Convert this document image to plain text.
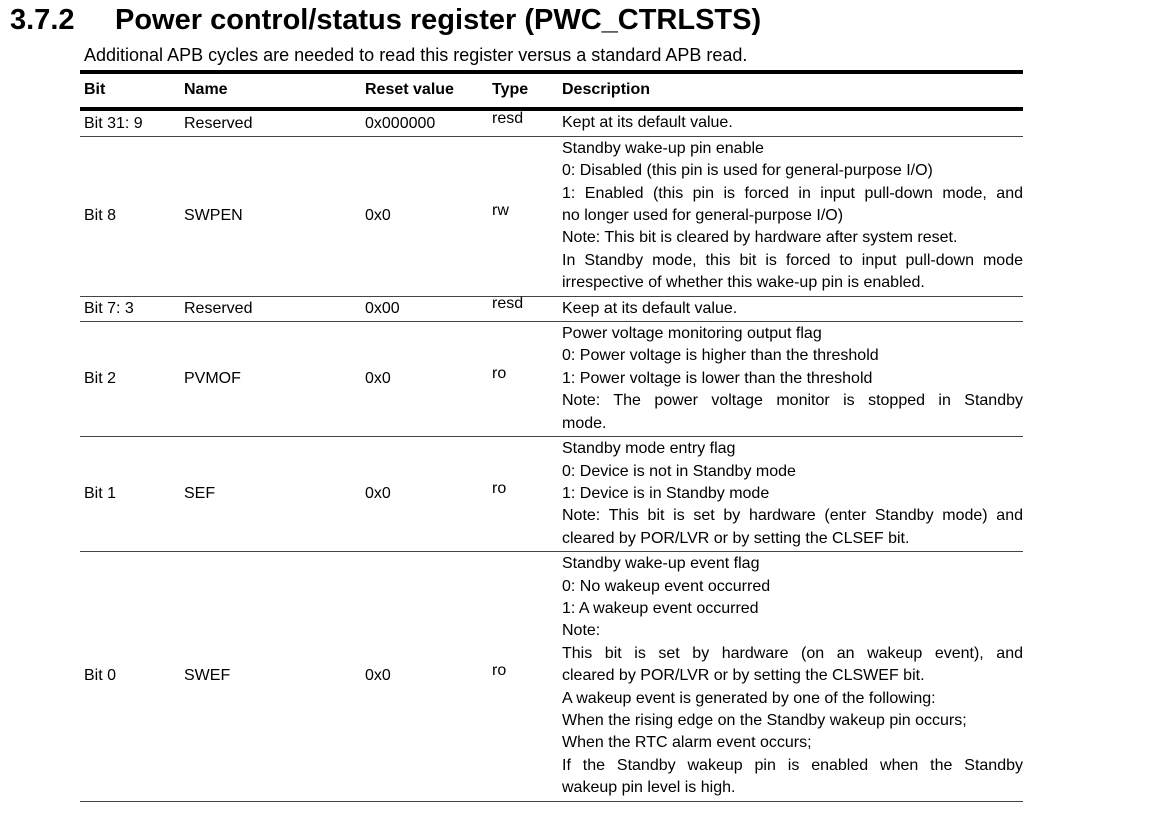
3.7.2	Power control/status register (PWC_CTRLSTS)

Additional APB cycles are needed to read this register versus a standard APB read.

Bit	Name	Reset value	Type	Description
Bit 31: 9	Reserved	0x000000	resd	Kept at its default value.
Bit 8	SWPEN	0x0	rw
Standby wake-up pin enable
0: Disabled (this pin is used for general-purpose I/O)
1: Enabled (this pin is forced in input pull-down mode, and
no longer used for general-purpose I/O)
Note: This bit is cleared by hardware after system reset.
In Standby mode, this bit is forced to input pull-down mode
irrespective of whether this wake-up pin is enabled.
Bit 7: 3	Reserved	0x00	resd	Keep at its default value.
Bit 2	PVMOF	0x0	ro
Power voltage monitoring output flag
0: Power voltage is higher than the threshold
1: Power voltage is lower than the threshold
Note: The power voltage monitor is stopped in Standby
mode.
Bit 1	SEF	0x0	ro
Standby mode entry flag
0: Device is not in Standby mode
1: Device is in Standby mode
Note: This bit is set by hardware (enter Standby mode) and
cleared by POR/LVR or by setting the CLSEF bit.
Bit 0	SWEF	0x0	ro
Standby wake-up event flag
0: No wakeup event occurred
1: A wakeup event occurred
Note:
This bit is set by hardware (on an wakeup event), and
cleared by POR/LVR or by setting the CLSWEF bit.
A wakeup event is generated by one of the following:
When the rising edge on the Standby wakeup pin occurs;
When the RTC alarm event occurs;
If the Standby wakeup pin is enabled when the Standby
wakeup pin level is high.
